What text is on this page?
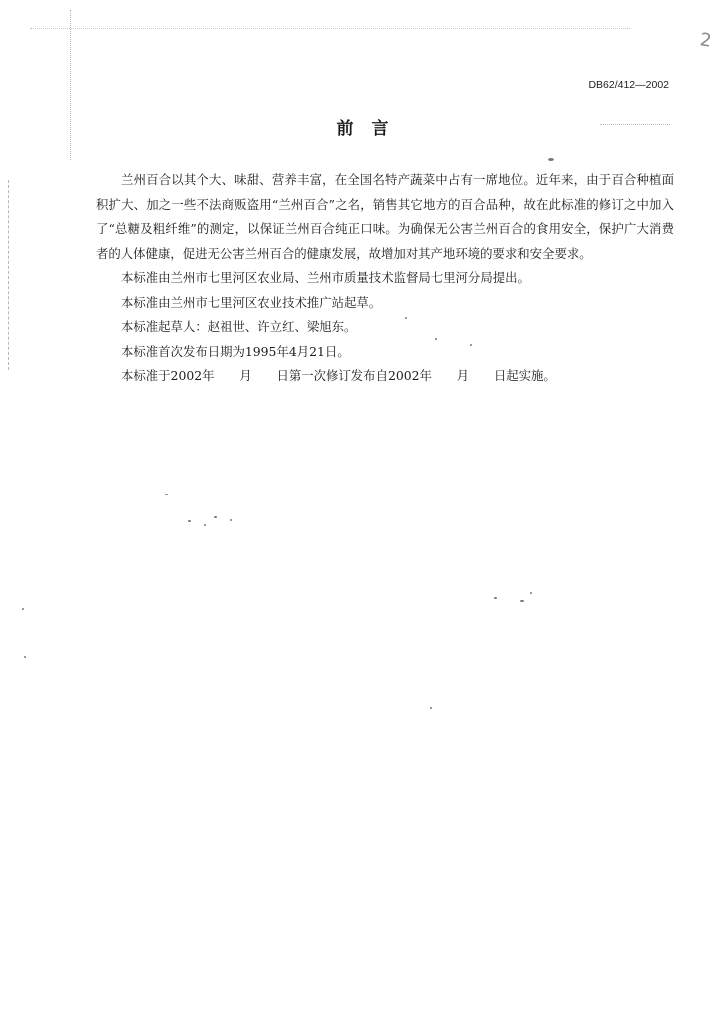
2
DB62/412—2002
前言

兰州百合以其个大、味甜、营养丰富，在全国名特产蔬菜中占有一席地位。近年来，由于百合种植面积扩大、加之一些不法商贩盗用“兰州百合”之名，销售其它地方的百合品种，故在此标准的修订之中加入了“总糖及粗纤维”的测定，以保证兰州百合纯正口味。为确保无公害兰州百合的食用安全，保护广大消费者的人体健康，促进无公害兰州百合的健康发展，故增加对其产地环境的要求和安全要求。

本标准由兰州市七里河区农业局、兰州市质量技术监督局七里河分局提出。

本标准由兰州市七里河区农业技术推广站起草。

本标准起草人：赵祖世、许立红、梁旭东。

本标准首次发布日期为1995年4月21日。

本标准于2002年　　月　　日第一次修订发布自2002年　　月　　日起实施。
